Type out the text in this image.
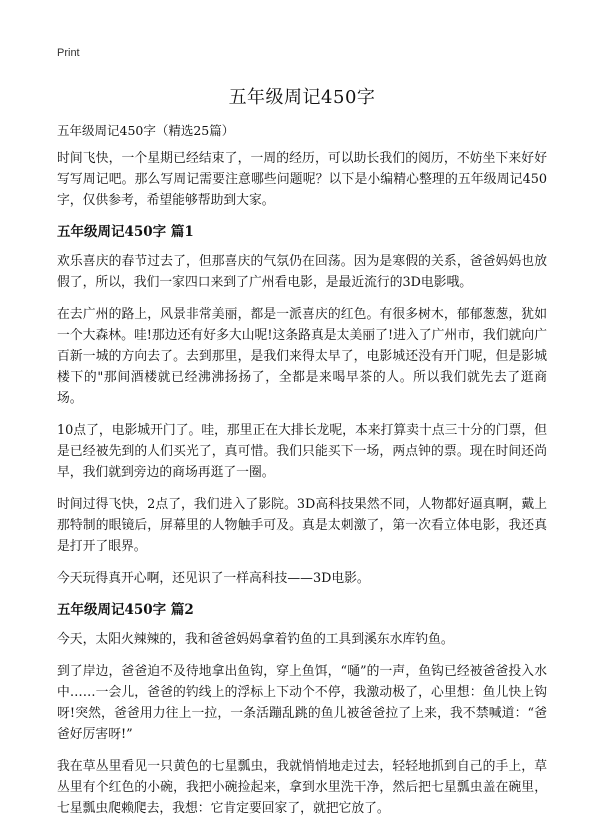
Print
五年级周记450字

五年级周记450字（精选25篇）

时间飞快，一个星期已经结束了，一周的经历，可以助长我们的阅历，不妨坐下来好好写写周记吧。那么写周记需要注意哪些问题呢？以下是小编精心整理的五年级周记450字，仅供参考，希望能够帮助到大家。

五年级周记450字 篇1

欢乐喜庆的春节过去了，但那喜庆的气氛仍在回荡。因为是寒假的关系，爸爸妈妈也放假了，所以，我们一家四口来到了广州看电影，是最近流行的3D电影哦。

在去广州的路上，风景非常美丽，都是一派喜庆的红色。有很多树木，郁郁葱葱，犹如一个大森林。哇!那边还有好多大山呢!这条路真是太美丽了!进入了广州市，我们就向广百新一城的方向去了。去到那里，是我们来得太早了，电影城还没有开门呢，但是影城楼下的"那间酒楼就已经沸沸扬扬了，全都是来喝早茶的人。所以我们就先去了逛商场。

10点了，电影城开门了。哇，那里正在大排长龙呢，本来打算卖十点三十分的门票，但是已经被先到的人们买光了，真可惜。我们只能买下一场，两点钟的票。现在时间还尚早，我们就到旁边的商场再逛了一圈。

时间过得飞快，2点了，我们进入了影院。3D高科技果然不同，人物都好逼真啊，戴上那特制的眼镜后，屏幕里的人物触手可及。真是太刺激了，第一次看立体电影，我还真是打开了眼界。

今天玩得真开心啊，还见识了一样高科技——3D电影。

五年级周记450字 篇2

今天，太阳火辣辣的，我和爸爸妈妈拿着钓鱼的工具到溪东水库钓鱼。

到了岸边，爸爸迫不及待地拿出鱼钩，穿上鱼饵，“嗵”的一声，鱼钩已经被爸爸投入水中……一会儿，爸爸的钓线上的浮标上下动个不停，我激动极了，心里想：鱼儿快上钩呀!突然，爸爸用力往上一拉，一条活蹦乱跳的鱼儿被爸爸拉了上来，我不禁喊道：“爸爸好厉害呀!”

我在草丛里看见一只黄色的七星瓢虫，我就悄悄地走过去，轻轻地抓到自己的手上，草丛里有个红色的小碗，我把小碗捡起来，拿到水里洗干净，然后把七星瓢虫盖在碗里，七星瓢虫爬赖爬去，我想：它肯定要回家了，就把它放了。
